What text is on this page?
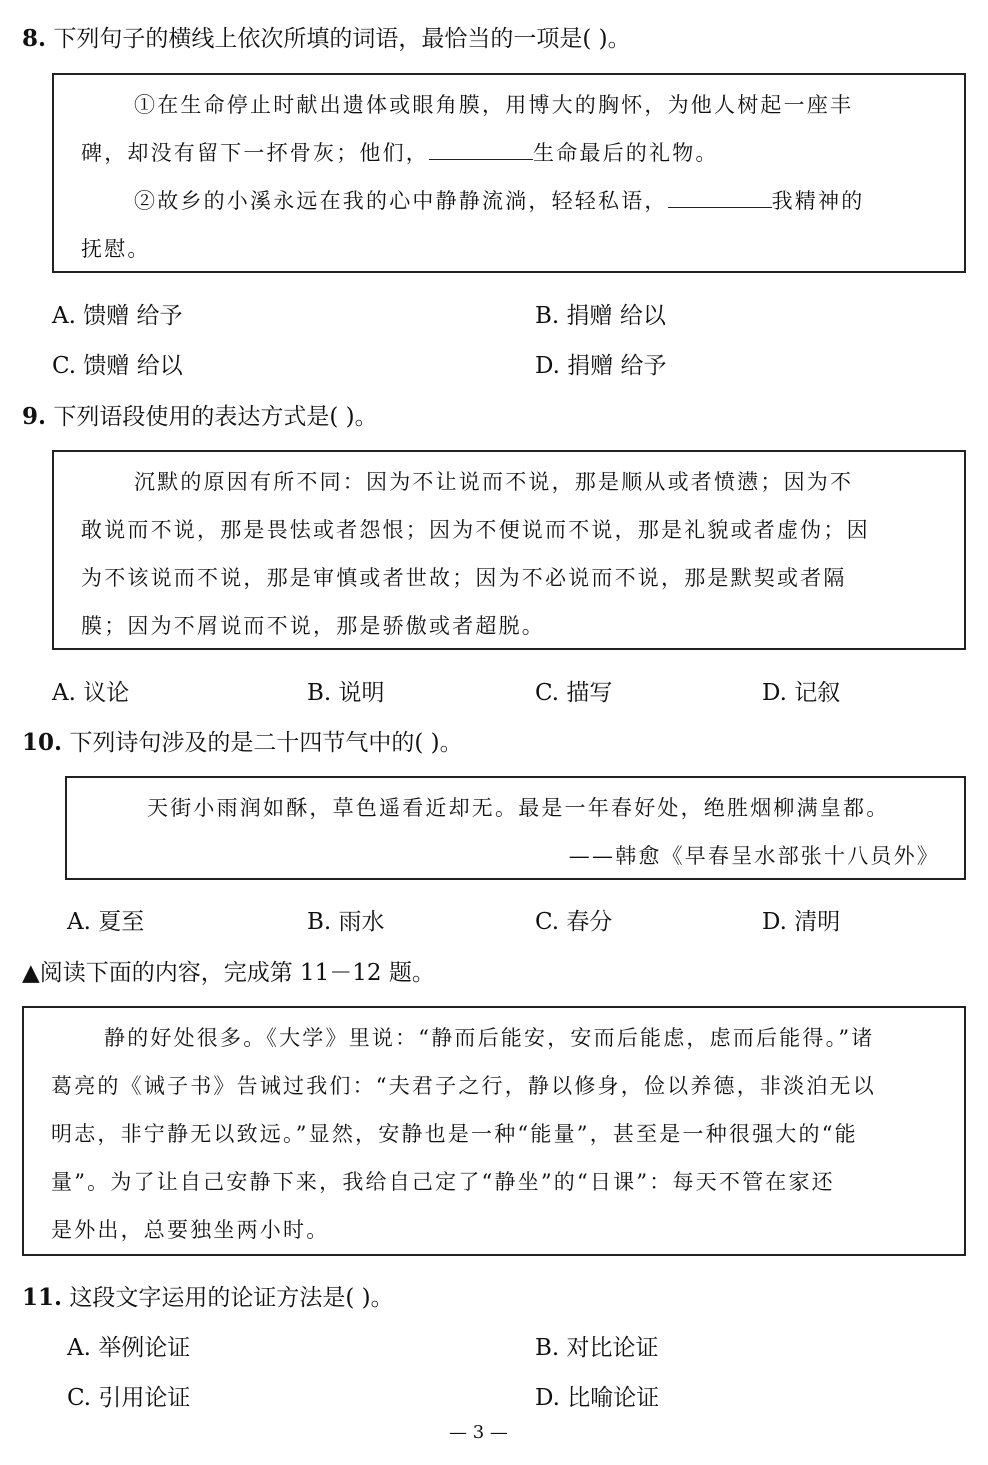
8. 下列句子的横线上依次所填的词语，最恰当的一项是( )。
①在生命停止时献出遗体或眼角膜，用博大的胸怀，为他人树起一座丰
碑，却没有留下一抔骨灰；他们，	生命最后的礼物。
②故乡的小溪永远在我的心中静静流淌，轻轻私语，	我精神的
抚慰。
A. 馈赠 给予	B. 捐赠 给以
C. 馈赠 给以	D. 捐赠 给予
9. 下列语段使用的表达方式是( )。
沉默的原因有所不同：因为不让说而不说，那是顺从或者愤懑；因为不
敢说而不说，那是畏怯或者怨恨；因为不便说而不说，那是礼貌或者虚伪；因
为不该说而不说，那是审慎或者世故；因为不必说而不说，那是默契或者隔
膜；因为不屑说而不说，那是骄傲或者超脱。
A. 议论	B. 说明	C. 描写	D. 记叙
10. 下列诗句涉及的是二十四节气中的( )。
天街小雨润如酥，草色遥看近却无。最是一年春好处，绝胜烟柳满皇都。
——韩愈《早春呈水部张十八员外》
A. 夏至	B. 雨水	C. 春分	D. 清明
▲阅读下面的内容，完成第 11－12 题。
静的好处很多。《大学》里说：“静而后能安，安而后能虑，虑而后能得。”诸
葛亮的《诫子书》告诫过我们：“夫君子之行，静以修身，俭以养德，非淡泊无以
明志，非宁静无以致远。”显然，安静也是一种“能量”，甚至是一种很强大的“能
量”。为了让自己安静下来，我给自己定了“静坐”的“日课”：每天不管在家还
是外出，总要独坐两小时。
11. 这段文字运用的论证方法是( )。
A. 举例论证	B. 对比论证
C. 引用论证	D. 比喻论证
— 3 —
